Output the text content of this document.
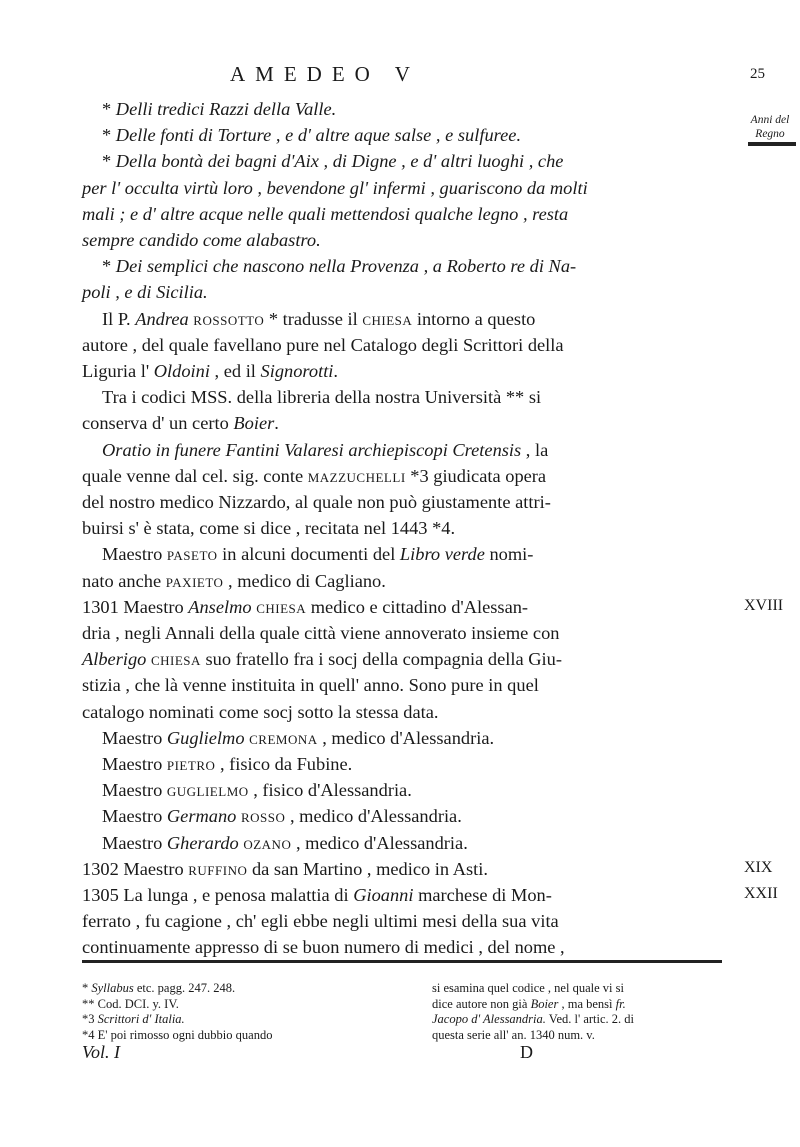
AMEDEO V	25
Anni del Regno
* Delli tredici Razzi della Valle.
* Delle fonti di Torture , e d' altre aque salse , e sulfuree.
* Della bontà dei bagni d'Aix , di Digne , e d' altri luoghi , che
per l' occulta virtù loro , bevendone gl' infermi , guariscono da molti
mali ; e d' altre acque nelle quali mettendosi qualche legno , resta
sempre candido come alabastro.
* Dei semplici che nascono nella Provenza , a Roberto re di Na-
poli , e di Sicilia.
Il P. Andrea rossotto * tradusse il chiesa intorno a questo
autore , del quale favellano pure nel Catalogo degli Scrittori della
Liguria l' Oldoini , ed il Signorotti.
Tra i codici MSS. della libreria della nostra Università ** si
conserva d' un certo Boier.
Oratio in funere Fantini Valaresi archiepiscopi Cretensis , la
quale venne dal cel. sig. conte mazzuchelli *3 giudicata opera
del nostro medico Nizzardo, al quale non può giustamente attri-
buirsi s' è stata, come si dice , recitata nel 1443 *4.
Maestro paseto in alcuni documenti del Libro verde nomi-
nato anche paxieto , medico di Cagliano.
1301 Maestro Anselmo chiesa medico e cittadino d'Alessan-
dria , negli Annali della quale città viene annoverato insieme con
Alberigo chiesa suo fratello fra i socj della compagnia della Giu-
stizia , che là venne instituita in quell' anno. Sono pure in quel
catalogo nominati come socj sotto la stessa data.
Maestro Guglielmo cremona , medico d'Alessandria.
Maestro pietro , fisico da Fubine.
Maestro guglielmo , fisico d'Alessandria.
Maestro Germano rosso , medico d'Alessandria.
Maestro Gherardo ozano , medico d'Alessandria.
1302 Maestro ruffino da san Martino , medico in Asti.
1305 La lunga , e penosa malattia di Gioanni marchese di Mon-
ferrato , fu cagione , ch' egli ebbe negli ultimi mesi della sua vita
continuamente appresso di se buon numero di medici , del nome ,
XVIII
XIX
XXII
* Syllabus etc. pagg. 247. 248.
** Cod. DCI. y. IV.
*3 Scrittori d' Italia.
*4 E' poi rimosso ogni dubbio quando
si esamina quel codice , nel quale vi si
dice autore non già Boier , ma bensì fr.
Jacopo d' Alessandria. Ved. l' artic. 2. di
questa serie all' an. 1340 num. v.
Vol. I	D
